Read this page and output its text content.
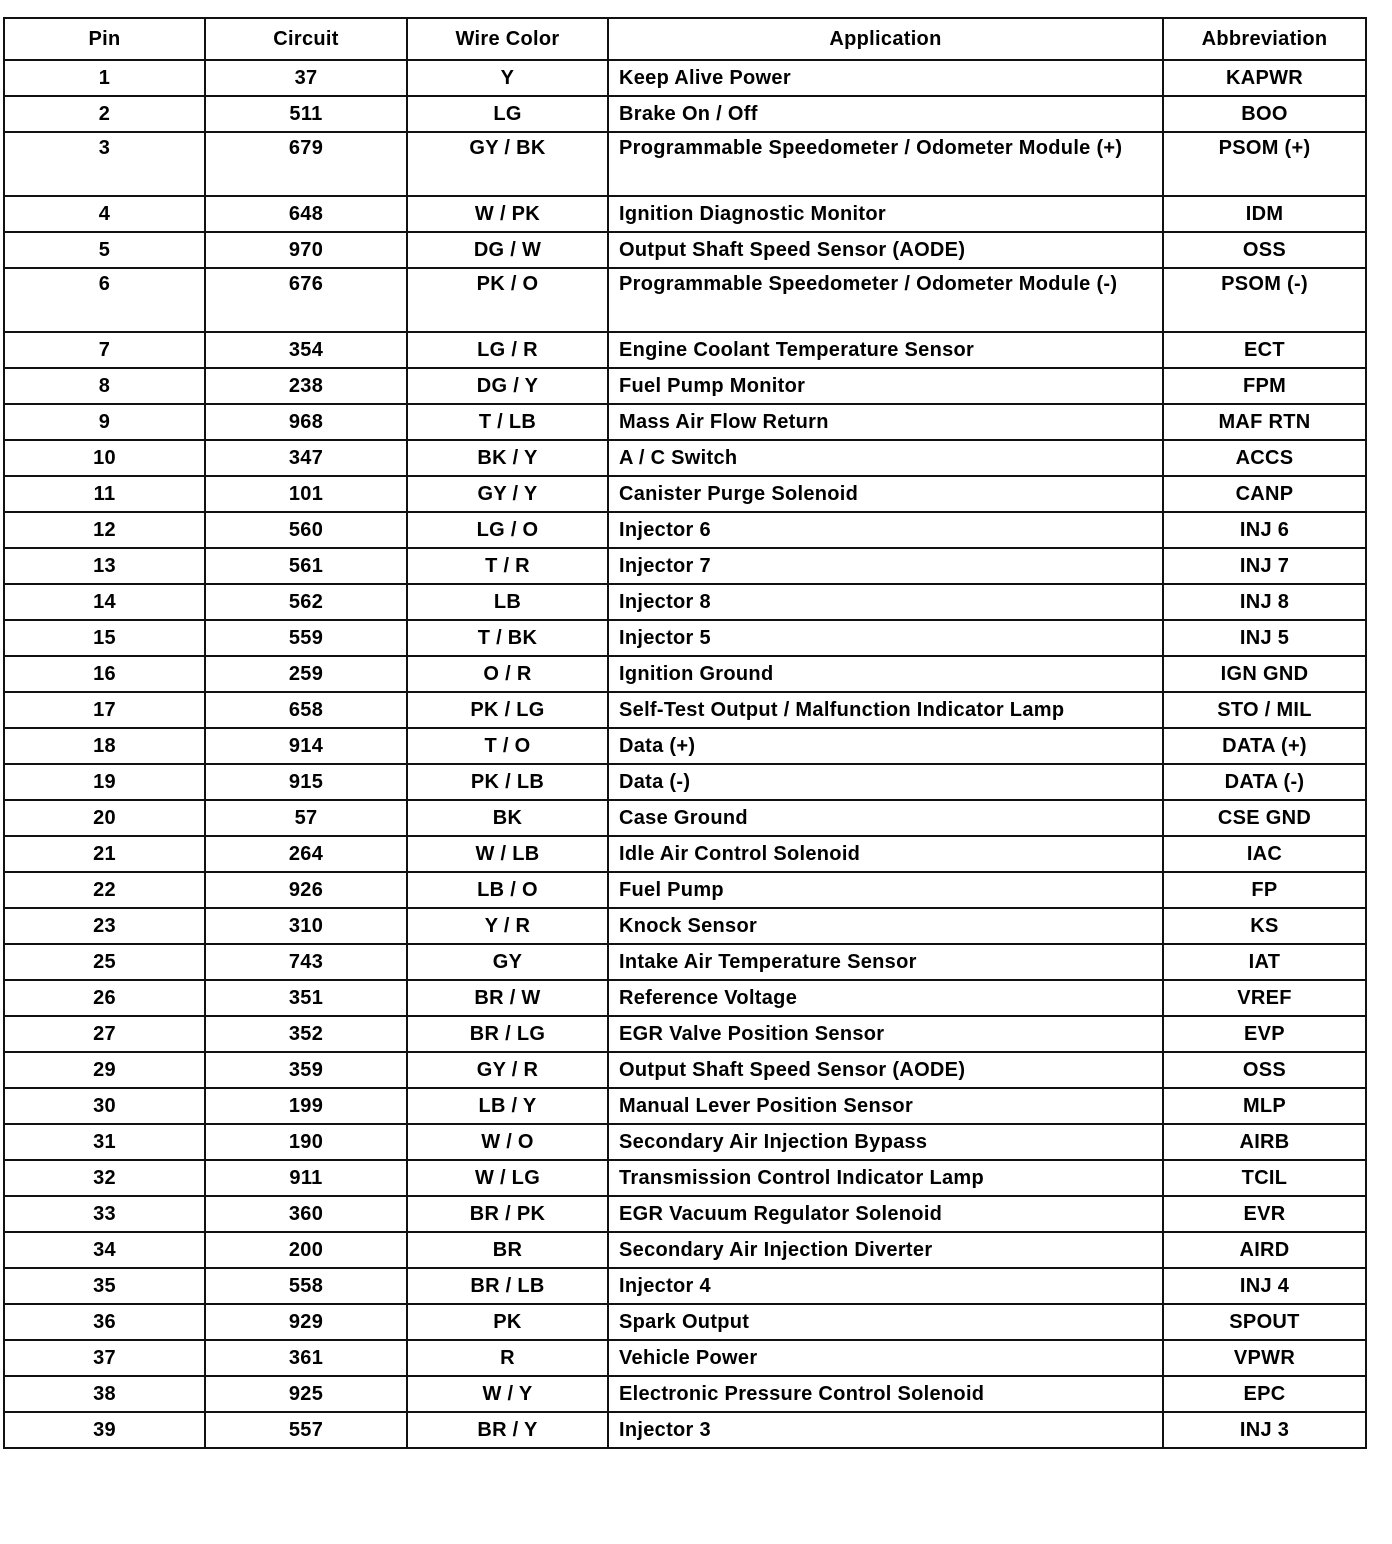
Pin	Circuit	Wire Color	Application	Abbreviation
1	37	Y	Keep Alive Power	KAPWR
2	511	LG	Brake On / Off	BOO
3	679	GY / BK	Programmable Speedometer / Odometer Module (+)	PSOM (+)
4	648	W / PK	Ignition Diagnostic Monitor	IDM
5	970	DG / W	Output Shaft Speed Sensor (AODE)	OSS
6	676	PK / O	Programmable Speedometer / Odometer Module (-)	PSOM (-)
7	354	LG / R	Engine Coolant Temperature Sensor	ECT
8	238	DG / Y	Fuel Pump Monitor	FPM
9	968	T / LB	Mass Air Flow Return	MAF RTN
10	347	BK / Y	A / C Switch	ACCS
11	101	GY / Y	Canister Purge Solenoid	CANP
12	560	LG / O	Injector 6	INJ 6
13	561	T / R	Injector 7	INJ 7
14	562	LB	Injector 8	INJ 8
15	559	T / BK	Injector 5	INJ 5
16	259	O / R	Ignition Ground	IGN GND
17	658	PK / LG	Self-Test Output / Malfunction Indicator Lamp	STO / MIL
18	914	T / O	Data (+)	DATA (+)
19	915	PK / LB	Data (-)	DATA (-)
20	57	BK	Case Ground	CSE GND
21	264	W / LB	Idle Air Control Solenoid	IAC
22	926	LB / O	Fuel Pump	FP
23	310	Y / R	Knock Sensor	KS
25	743	GY	Intake Air Temperature Sensor	IAT
26	351	BR / W	Reference Voltage	VREF
27	352	BR / LG	EGR Valve Position Sensor	EVP
29	359	GY / R	Output Shaft Speed Sensor (AODE)	OSS
30	199	LB / Y	Manual Lever Position Sensor	MLP
31	190	W / O	Secondary Air Injection Bypass	AIRB
32	911	W / LG	Transmission Control Indicator Lamp	TCIL
33	360	BR / PK	EGR Vacuum Regulator Solenoid	EVR
34	200	BR	Secondary Air Injection Diverter	AIRD
35	558	BR / LB	Injector 4	INJ 4
36	929	PK	Spark Output	SPOUT
37	361	R	Vehicle Power	VPWR
38	925	W / Y	Electronic Pressure Control Solenoid	EPC
39	557	BR / Y	Injector 3	INJ 3
